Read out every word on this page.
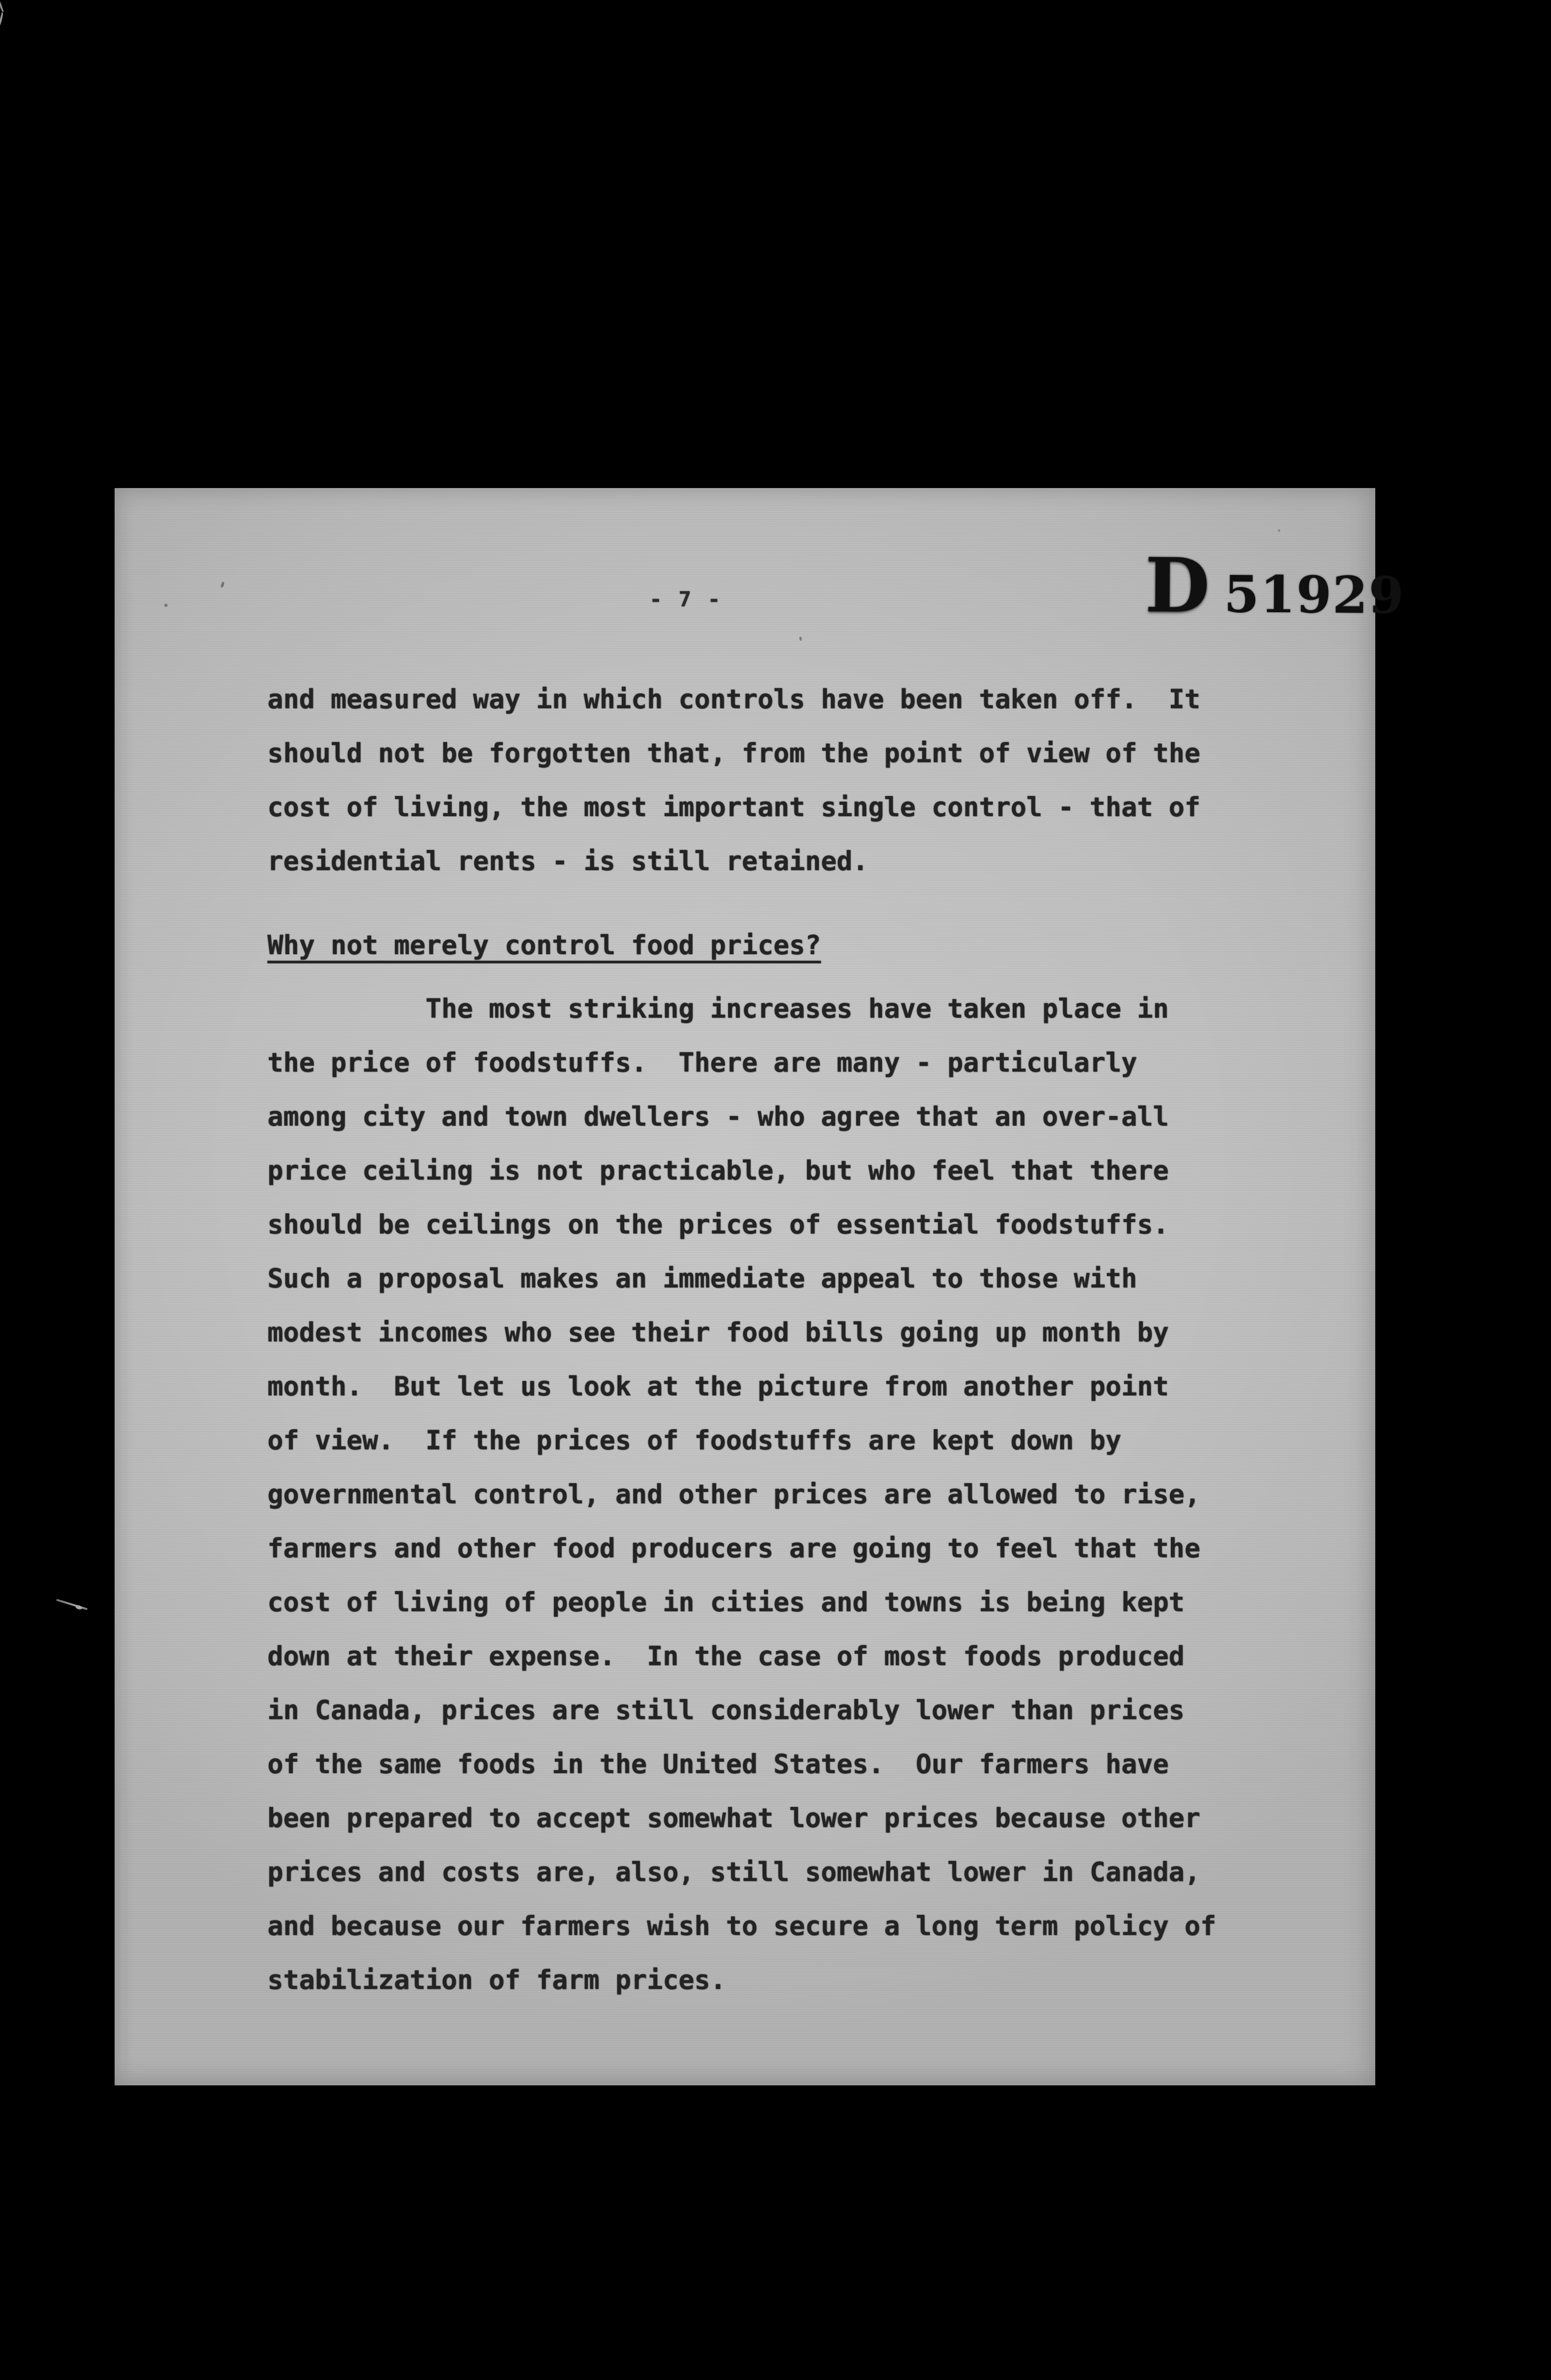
- 7 -	D 51929
and measured way in which controls have been taken off.  It
should not be forgotten that, from the point of view of the
cost of living, the most important single control - that of
residential rents - is still retained.
Why not merely control food prices?
The most striking increases have taken place in
the price of foodstuffs.  There are many - particularly
among city and town dwellers - who agree that an over-all
price ceiling is not practicable, but who feel that there
should be ceilings on the prices of essential foodstuffs.
Such a proposal makes an immediate appeal to those with
modest incomes who see their food bills going up month by
month.  But let us look at the picture from another point
of view.  If the prices of foodstuffs are kept down by
governmental control, and other prices are allowed to rise,
farmers and other food producers are going to feel that the
cost of living of people in cities and towns is being kept
down at their expense.  In the case of most foods produced
in Canada, prices are still considerably lower than prices
of the same foods in the United States.  Our farmers have
been prepared to accept somewhat lower prices because other
prices and costs are, also, still somewhat lower in Canada,
and because our farmers wish to secure a long term policy of
stabilization of farm prices.
